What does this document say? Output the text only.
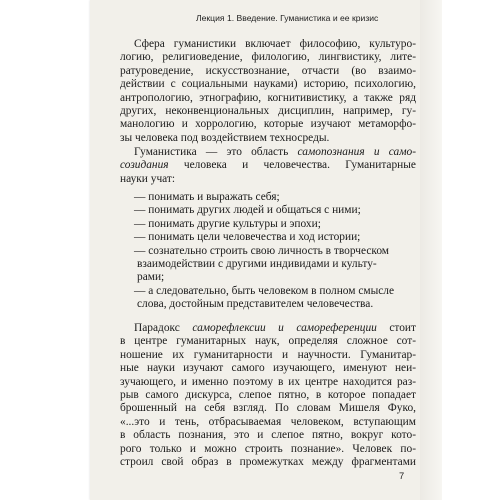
Лекция 1. Введение. Гуманистика и ее кризис
Сфера гуманистики включает философию, культуро-
логию, религиоведение, филологию, лингвистику, лите-
ратуроведение, искусствознание, отчасти (во взаимо-
действии с социальными науками) историю, психологию,
антропологию, этнографию, когнитивистику, а также ряд
других, неконвенциональных дисциплин, например, гу-
манологию и хоррологию, которые изучают метаморфо-
зы человека под воздействием техносреды.
Гуманистика — это область самопознания и само-
созидания человека и человечества. Гуманитарные
науки учат:
— понимать и выражать себя;
— понимать других людей и общаться с ними;
— понимать другие культуры и эпохи;
— понимать цели человечества и ход истории;
— сознательно строить свою личность в творческом
взаимодействии с другими индивидами и культу-
рами;
— а следовательно, быть человеком в полном смысле
слова, достойным представителем человечества.
Парадокс саморефлексии и самореференции стоит
в центре гуманитарных наук, определяя сложное сот-
ношение их гуманитарности и научности. Гуманитар-
ные науки изучают самого изучающего, именуют неи-
зучающего, и именно поэтому в их центре находится раз-
рыв самого дискурса, слепое пятно, в которое попадает
брошенный на себя взгляд. По словам Мишеля Фуко,
«...это и тень, отбрасываемая человеком, вступающим
в область познания, это и слепое пятно, вокруг кото-
рого только и можно строить познание». Человек по-
строил свой образ в промежутках между фрагментами
7
